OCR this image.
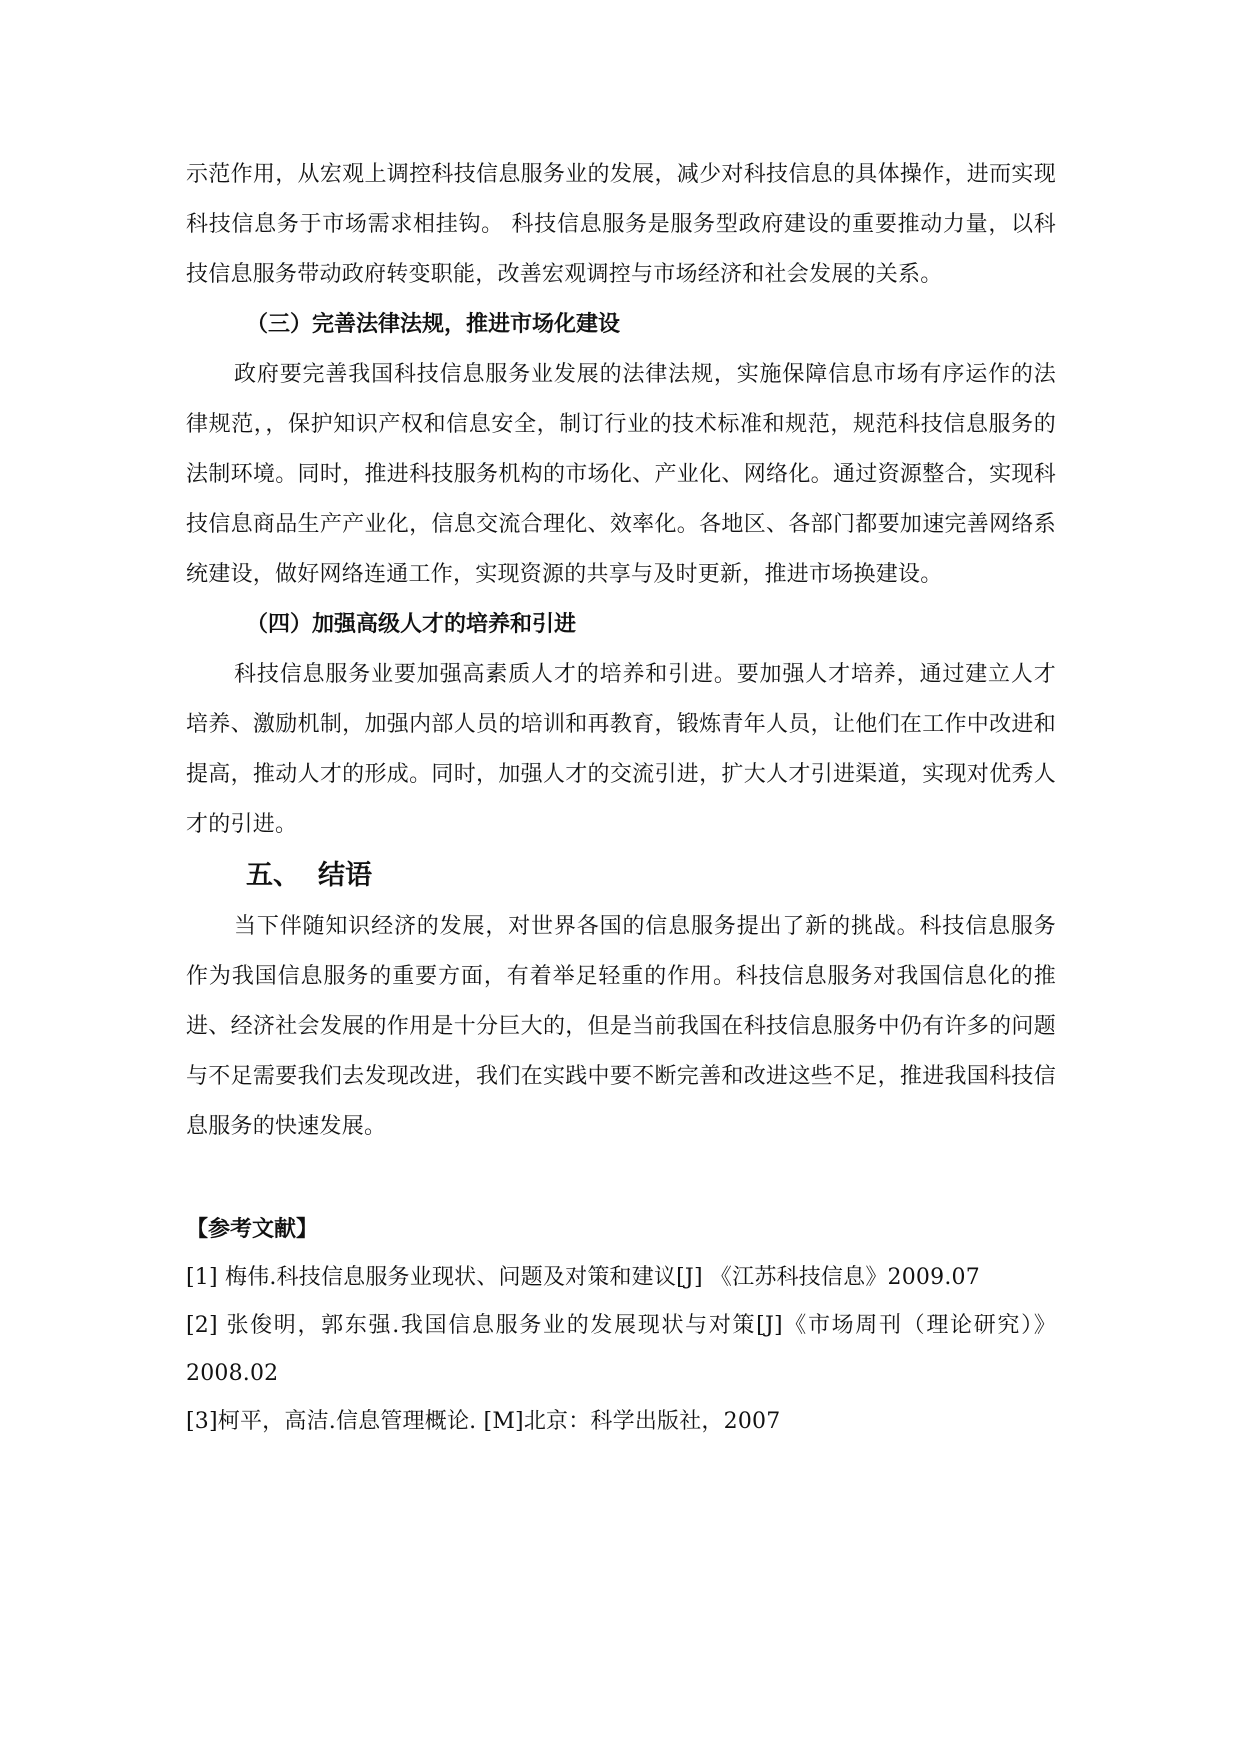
示范作用，从宏观上调控科技信息服务业的发展，减少对科技信息的具体操作，进而实现科技信息务于市场需求相挂钩。 科技信息服务是服务型政府建设的重要推动力量，以科技信息服务带动政府转变职能，改善宏观调控与市场经济和社会发展的关系。

（三）完善法律法规，推进市场化建设

政府要完善我国科技信息服务业发展的法律法规，实施保障信息市场有序运作的法律规范，，保护知识产权和信息安全，制订行业的技术标准和规范，规范科技信息服务的法制环境。同时，推进科技服务机构的市场化、产业化、网络化。通过资源整合，实现科技信息商品生产产业化，信息交流合理化、效率化。各地区、各部门都要加速完善网络系统建设，做好网络连通工作，实现资源的共享与及时更新，推进市场换建设。

（四）加强高级人才的培养和引进

科技信息服务业要加强高素质人才的培养和引进。要加强人才培养，通过建立人才培养、激励机制，加强内部人员的培训和再教育，锻炼青年人员，让他们在工作中改进和提高，推动人才的形成。同时，加强人才的交流引进，扩大人才引进渠道，实现对优秀人才的引进。

五、 结语

当下伴随知识经济的发展，对世界各国的信息服务提出了新的挑战。科技信息服务作为我国信息服务的重要方面，有着举足轻重的作用。科技信息服务对我国信息化的推进、经济社会发展的作用是十分巨大的，但是当前我国在科技信息服务中仍有许多的问题与不足需要我们去发现改进，我们在实践中要不断完善和改进这些不足，推进我国科技信息服务的快速发展。

【参考文献】
[1] 梅伟.科技信息服务业现状、问题及对策和建议[J] 《江苏科技信息》2009.07
[2] 张俊明，郭东强.我国信息服务业的发展现状与对策[J]《市场周刊（理论研究）》2008.02
[3]柯平，高洁.信息管理概论. [M]北京：科学出版社，2007
